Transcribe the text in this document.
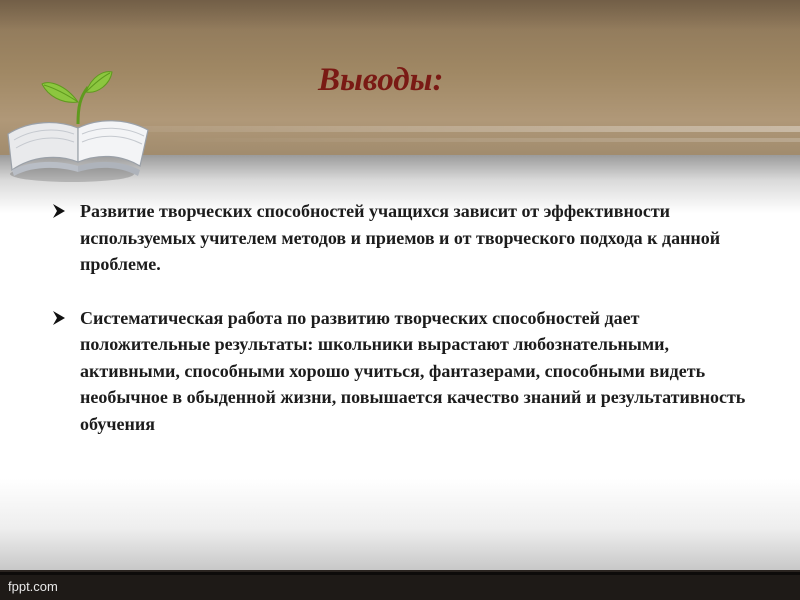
Выводы:
Развитие творческих способностей учащихся зависит от эффективности используемых учителем методов и приемов и от творческого подхода к данной проблеме.
Систематическая работа по развитию творческих способностей дает положительные результаты: школьники вырастают любознательными, активными, способными хорошо учиться, фантазерами, способными видеть необычное в обыденной жизни, повышается качество знаний и результативность обучения
fppt.com
